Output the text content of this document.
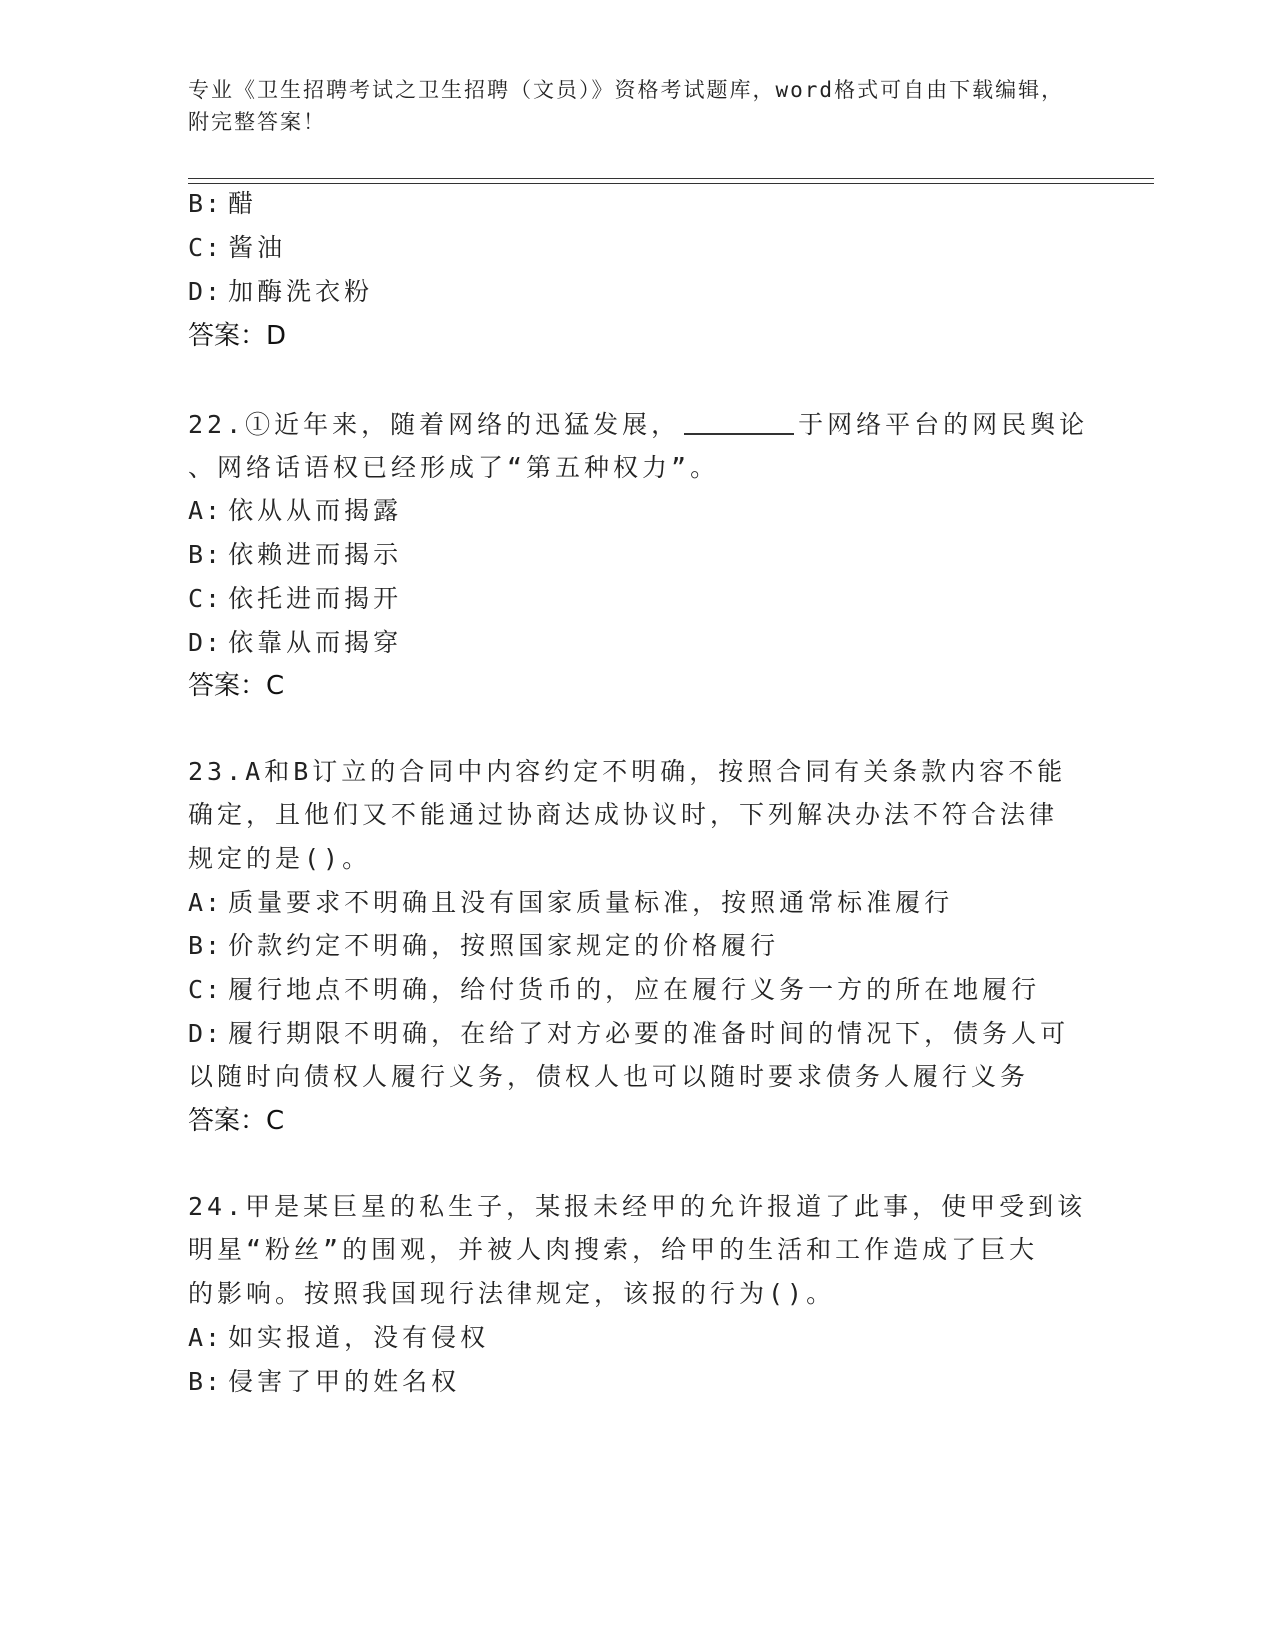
专业《卫生招聘考试之卫生招聘（文员）》资格考试题库，word格式可自由下载编辑，附完整答案！
B: 醋
C: 酱油
D: 加酶洗衣粉
答案：D
22.①近年来，随着网络的迅猛发展，	于网络平台的网民舆论
、网络话语权已经形成了“第五种权力”。
A: 依从从而揭露
B: 依赖进而揭示
C: 依托进而揭开
D: 依靠从而揭穿
答案：C
23.A和B订立的合同中内容约定不明确，按照合同有关条款内容不能
确定，且他们又不能通过协商达成协议时，下列解决办法不符合法律
规定的是()。
A: 质量要求不明确且没有国家质量标准，按照通常标准履行
B: 价款约定不明确，按照国家规定的价格履行
C: 履行地点不明确，给付货币的，应在履行义务一方的所在地履行
D: 履行期限不明确，在给了对方必要的准备时间的情况下，债务人可
以随时向债权人履行义务，债权人也可以随时要求债务人履行义务
答案：C
24.甲是某巨星的私生子，某报未经甲的允许报道了此事，使甲受到该
明星“粉丝”的围观，并被人肉搜索，给甲的生活和工作造成了巨大
的影响。按照我国现行法律规定，该报的行为()。
A: 如实报道，没有侵权
B: 侵害了甲的姓名权
